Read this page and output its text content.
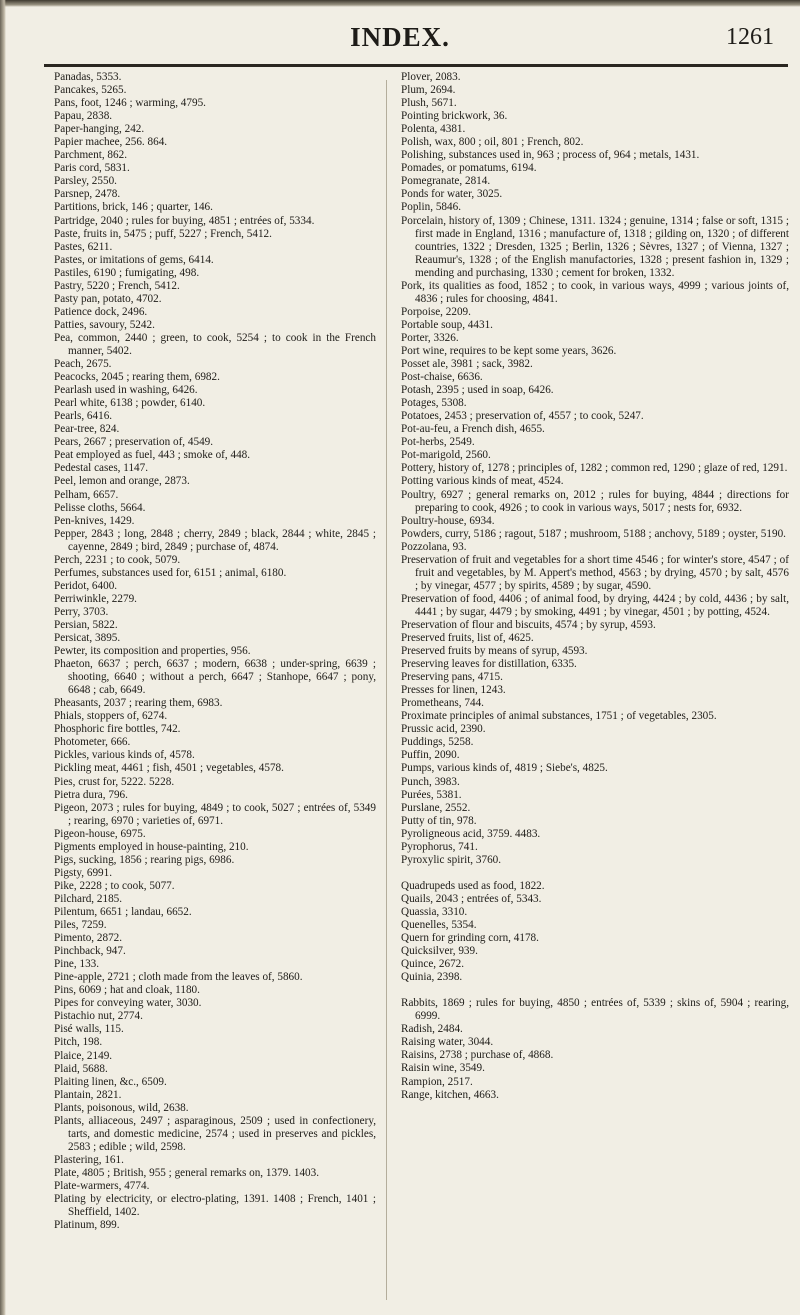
INDEX.	1261
Panadas, 5353.
Pancakes, 5265.
Pans, foot, 1246 ; warming, 4795.
Papau, 2838.
Paper-hanging, 242.
Papier machee, 256. 864.
Parchment, 862.
Paris cord, 5831.
Parsley, 2550.
Parsnep, 2478.
Partitions, brick, 146 ; quarter, 146.
Partridge, 2040 ; rules for buying, 4851 ; entrées of, 5334.
Paste, fruits in, 5475 ; puff, 5227 ; French, 5412.
Pastes, 6211.
Pastes, or imitations of gems, 6414.
Pastiles, 6190 ; fumigating, 498.
Pastry, 5220 ; French, 5412.
Pasty pan, potato, 4702.
Patience dock, 2496.
Patties, savoury, 5242.
Pea, common, 2440 ; green, to cook, 5254 ; to cook in the French manner, 5402.
Peach, 2675.
Peacocks, 2045 ; rearing them, 6982.
Pearlash used in washing, 6426.
Pearl white, 6138 ; powder, 6140.
Pearls, 6416.
Pear-tree, 824.
Pears, 2667 ; preservation of, 4549.
Peat employed as fuel, 443 ; smoke of, 448.
Pedestal cases, 1147.
Peel, lemon and orange, 2873.
Pelham, 6657.
Pelisse cloths, 5664.
Pen-knives, 1429.
Pepper, 2843 ; long, 2848 ; cherry, 2849 ; black, 2844 ; white, 2845 ; cayenne, 2849 ; bird, 2849 ; purchase of, 4874.
Perch, 2231 ; to cook, 5079.
Perfumes, substances used for, 6151 ; animal, 6180.
Peridot, 6400.
Perriwinkle, 2279.
Perry, 3703.
Persian, 5822.
Persicat, 3895.
Pewter, its composition and properties, 956.
Phaeton, 6637 ; perch, 6637 ; modern, 6638 ; under-spring, 6639 ; shooting, 6640 ; without a perch, 6647 ; Stanhope, 6647 ; pony, 6648 ; cab, 6649.
Pheasants, 2037 ; rearing them, 6983.
Phials, stoppers of, 6274.
Phosphoric fire bottles, 742.
Photometer, 666.
Pickles, various kinds of, 4578.
Pickling meat, 4461 ; fish, 4501 ; vegetables, 4578.
Pies, crust for, 5222. 5228.
Pietra dura, 796.
Pigeon, 2073 ; rules for buying, 4849 ; to cook, 5027 ; entrées of, 5349 ; rearing, 6970 ; varieties of, 6971.
Pigeon-house, 6975.
Pigments employed in house-painting, 210.
Pigs, sucking, 1856 ; rearing pigs, 6986.
Pigsty, 6991.
Pike, 2228 ; to cook, 5077.
Pilchard, 2185.
Pilentum, 6651 ; landau, 6652.
Piles, 7259.
Pimento, 2872.
Pinchback, 947.
Pine, 133.
Pine-apple, 2721 ; cloth made from the leaves of, 5860.
Pins, 6069 ; hat and cloak, 1180.
Pipes for conveying water, 3030.
Pistachio nut, 2774.
Pisé walls, 115.
Pitch, 198.
Plaice, 2149.
Plaid, 5688.
Plaiting linen, &c., 6509.
Plantain, 2821.
Plants, poisonous, wild, 2638.
Plants, alliaceous, 2497 ; asparaginous, 2509 ; used in confectionery, tarts, and domestic medicine, 2574 ; used in preserves and pickles, 2583 ; edible ; wild, 2598.
Plastering, 161.
Plate, 4805 ; British, 955 ; general remarks on, 1379. 1403.
Plate-warmers, 4774.
Plating by electricity, or electro-plating, 1391. 1408 ; French, 1401 ; Sheffield, 1402.
Platinum, 899.
Plover, 2083.
Plum, 2694.
Plush, 5671.
Pointing brickwork, 36.
Polenta, 4381.
Polish, wax, 800 ; oil, 801 ; French, 802.
Polishing, substances used in, 963 ; process of, 964 ; metals, 1431.
Pomades, or pomatums, 6194.
Pomegranate, 2814.
Ponds for water, 3025.
Poplin, 5846.
Porcelain, history of, 1309 ; Chinese, 1311. 1324 ; genuine, 1314 ; false or soft, 1315 ; first made in England, 1316 ; manufacture of, 1318 ; gilding on, 1320 ; of different countries, 1322 ; Dresden, 1325 ; Berlin, 1326 ; Sèvres, 1327 ; of Vienna, 1327 ; Reaumur's, 1328 ; of the English manufactories, 1328 ; present fashion in, 1329 ; mending and purchasing, 1330 ; cement for broken, 1332.
Pork, its qualities as food, 1852 ; to cook, in various ways, 4999 ; various joints of, 4836 ; rules for choosing, 4841.
Porpoise, 2209.
Portable soup, 4431.
Porter, 3326.
Port wine, requires to be kept some years, 3626.
Posset ale, 3981 ; sack, 3982.
Post-chaise, 6636.
Potash, 2395 ; used in soap, 6426.
Potages, 5308.
Potatoes, 2453 ; preservation of, 4557 ; to cook, 5247.
Pot-au-feu, a French dish, 4655.
Pot-herbs, 2549.
Pot-marigold, 2560.
Pottery, history of, 1278 ; principles of, 1282 ; common red, 1290 ; glaze of red, 1291.
Potting various kinds of meat, 4524.
Poultry, 6927 ; general remarks on, 2012 ; rules for buying, 4844 ; directions for preparing to cook, 4926 ; to cook in various ways, 5017 ; nests for, 6932.
Poultry-house, 6934.
Powders, curry, 5186 ; ragout, 5187 ; mushroom, 5188 ; anchovy, 5189 ; oyster, 5190.
Pozzolana, 93.
Preservation of fruit and vegetables for a short time 4546 ; for winter's store, 4547 ; of fruit and vegetables, by M. Appert's method, 4563 ; by drying, 4570 ; by salt, 4576 ; by vinegar, 4577 ; by spirits, 4589 ; by sugar, 4590.
Preservation of food, 4406 ; of animal food, by drying, 4424 ; by cold, 4436 ; by salt, 4441 ; by sugar, 4479 ; by smoking, 4491 ; by vinegar, 4501 ; by potting, 4524.
Preservation of flour and biscuits, 4574 ; by syrup, 4593.
Preserved fruits, list of, 4625.
Preserved fruits by means of syrup, 4593.
Preserving leaves for distillation, 6335.
Preserving pans, 4715.
Presses for linen, 1243.
Prometheans, 744.
Proximate principles of animal substances, 1751 ; of vegetables, 2305.
Prussic acid, 2390.
Puddings, 5258.
Puffin, 2090.
Pumps, various kinds of, 4819 ; Siebe's, 4825.
Punch, 3983.
Purées, 5381.
Purslane, 2552.
Putty of tin, 978.
Pyroligneous acid, 3759. 4483.
Pyrophorus, 741.
Pyroxylic spirit, 3760.
Quadrupeds used as food, 1822.
Quails, 2043 ; entrées of, 5343.
Quassia, 3310.
Quenelles, 5354.
Quern for grinding corn, 4178.
Quicksilver, 939.
Quince, 2672.
Quinia, 2398.
Rabbits, 1869 ; rules for buying, 4850 ; entrées of, 5339 ; skins of, 5904 ; rearing, 6999.
Radish, 2484.
Raising water, 3044.
Raisins, 2738 ; purchase of, 4868.
Raisin wine, 3549.
Rampion, 2517.
Range, kitchen, 4663.
